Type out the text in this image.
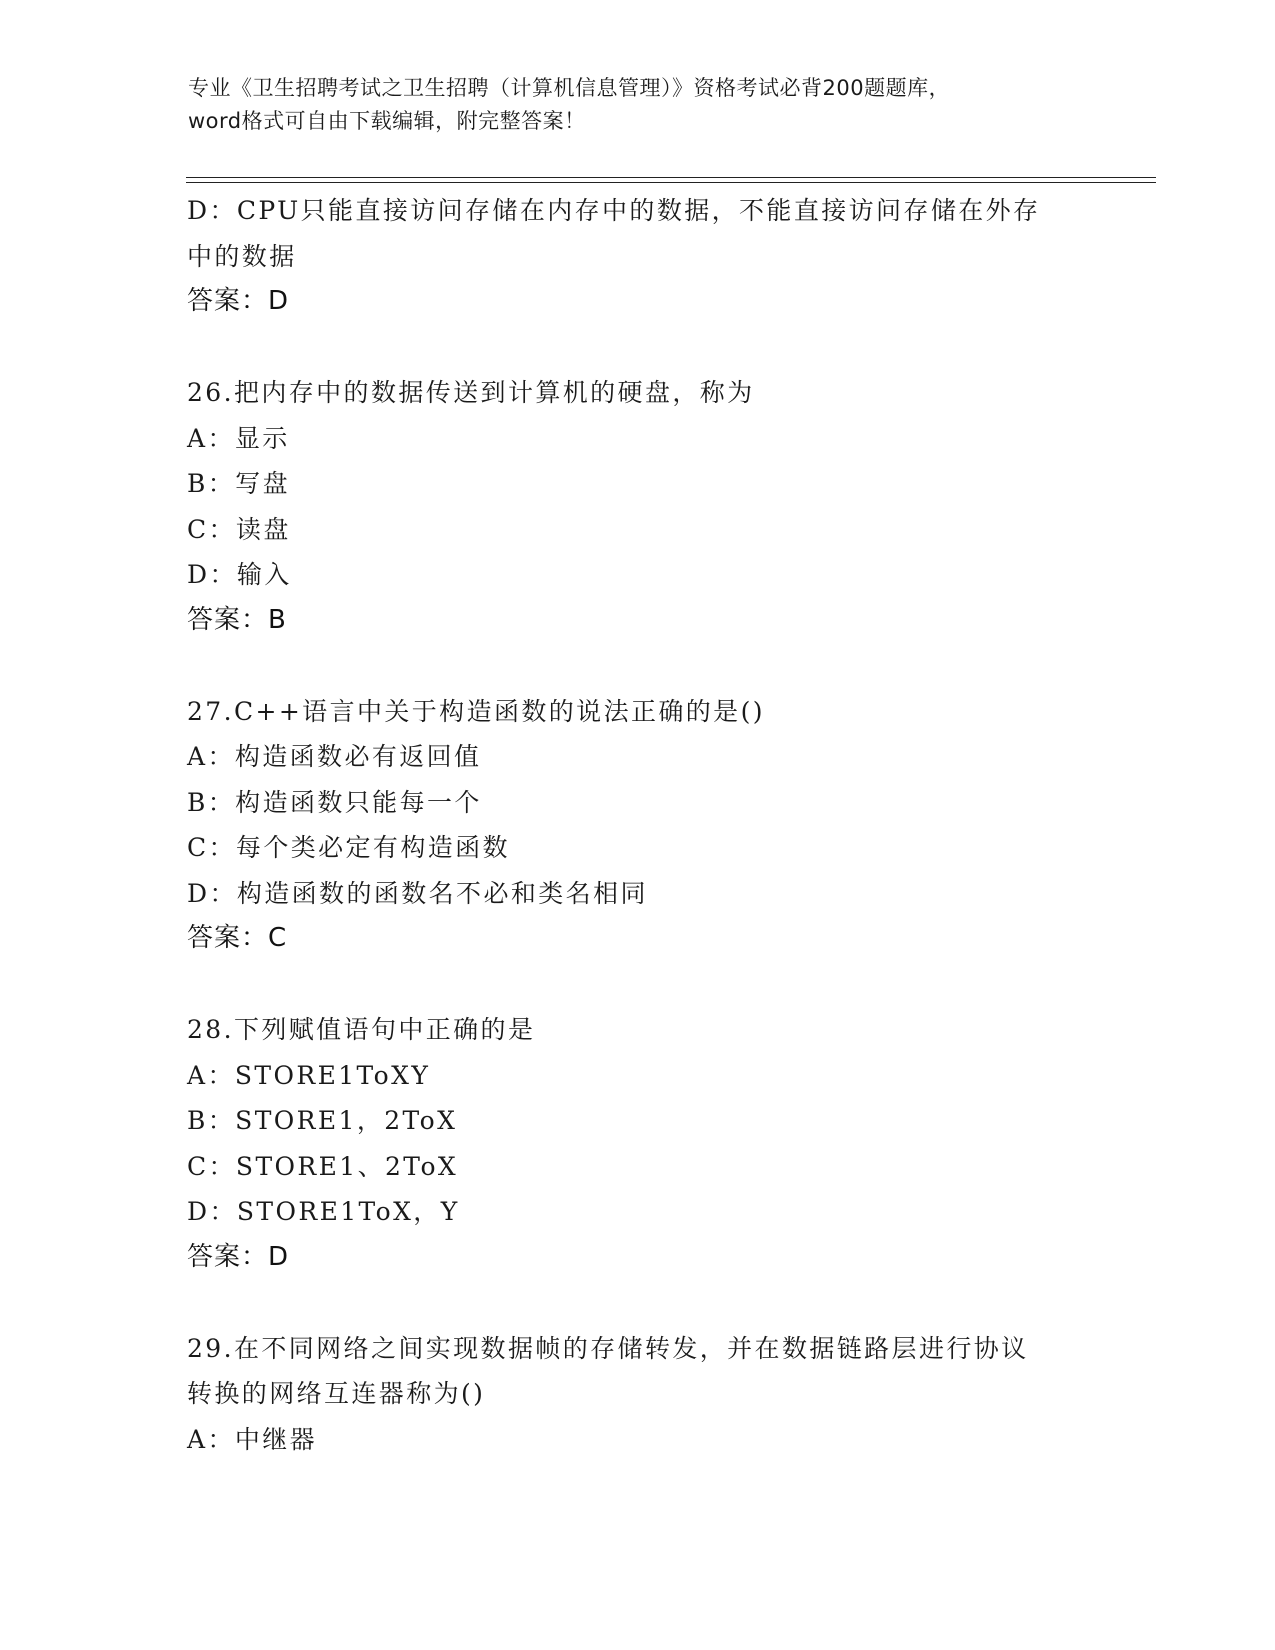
专业《卫生招聘考试之卫生招聘（计算机信息管理）》资格考试必背200题题库，
word格式可自由下载编辑，附完整答案！
D：CPU只能直接访问存储在内存中的数据，不能直接访问存储在外存
中的数据
答案：D
26.把内存中的数据传送到计算机的硬盘，称为
A：显示
B：写盘
C：读盘
D：输入
答案：B
27.C++语言中关于构造函数的说法正确的是()
A：构造函数必有返回值
B：构造函数只能每一个
C：每个类必定有构造函数
D：构造函数的函数名不必和类名相同
答案：C
28.下列赋值语句中正确的是
A：STORE1ToXY
B：STORE1，2ToX
C：STORE1、2ToX
D：STORE1ToX，Y
答案：D
29.在不同网络之间实现数据帧的存储转发，并在数据链路层进行协议
转换的网络互连器称为()
A：中继器
